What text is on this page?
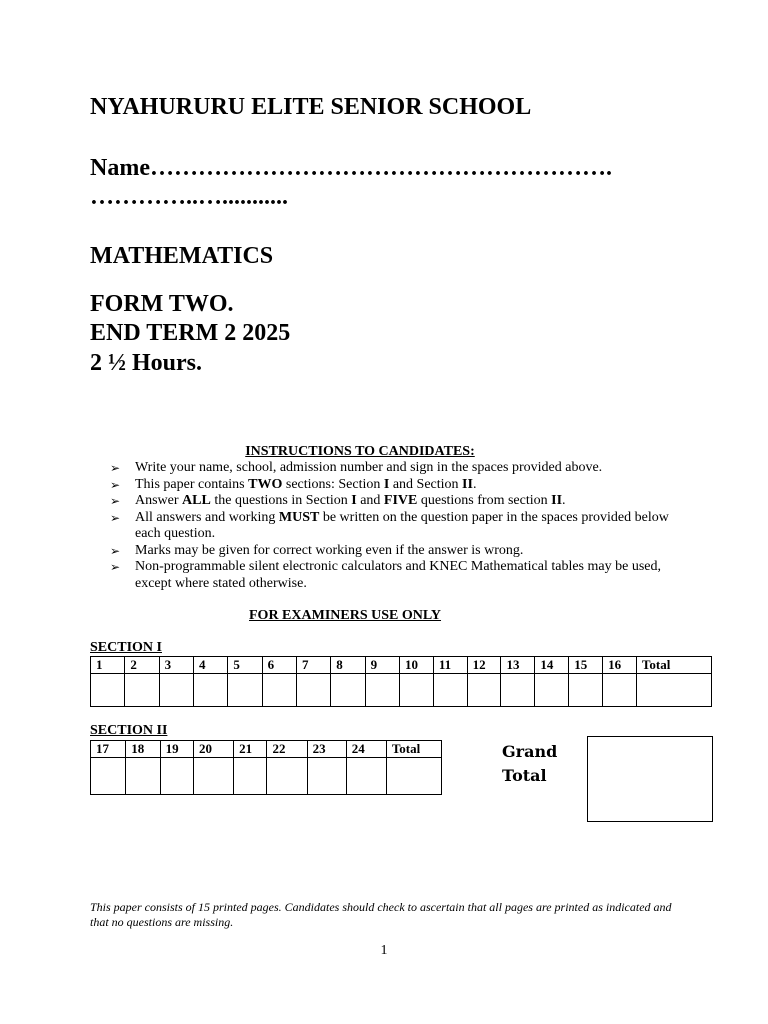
NYAHURURU ELITE SENIOR SCHOOL
Name………………………………………………….
…………..…...........
MATHEMATICS
FORM TWO.
END TERM 2 2025
2 ½ Hours.
INSTRUCTIONS TO CANDIDATES:
➢ Write your name, school, admission number and sign in the spaces provided above.
➢ This paper contains TWO sections: Section I and Section II.
➢ Answer ALL the questions in Section I and FIVE questions from section II.
➢ All answers and working MUST be written on the question paper in the spaces provided below each question.
➢ Marks may be given for correct working even if the answer is wrong.
➢ Non-programmable silent electronic calculators and KNEC Mathematical tables may be used, except where stated otherwise.
FOR EXAMINERS USE ONLY
SECTION I
1	2	3	4	5	6	7	8	9	10	11	12	13	14	15	16	Total

SECTION II
17	18	19	20	21	22	23	24	Total
									Grand
Total
This paper consists of 15 printed pages. Candidates should check to ascertain that all pages are printed as indicated and that no questions are missing.
1
